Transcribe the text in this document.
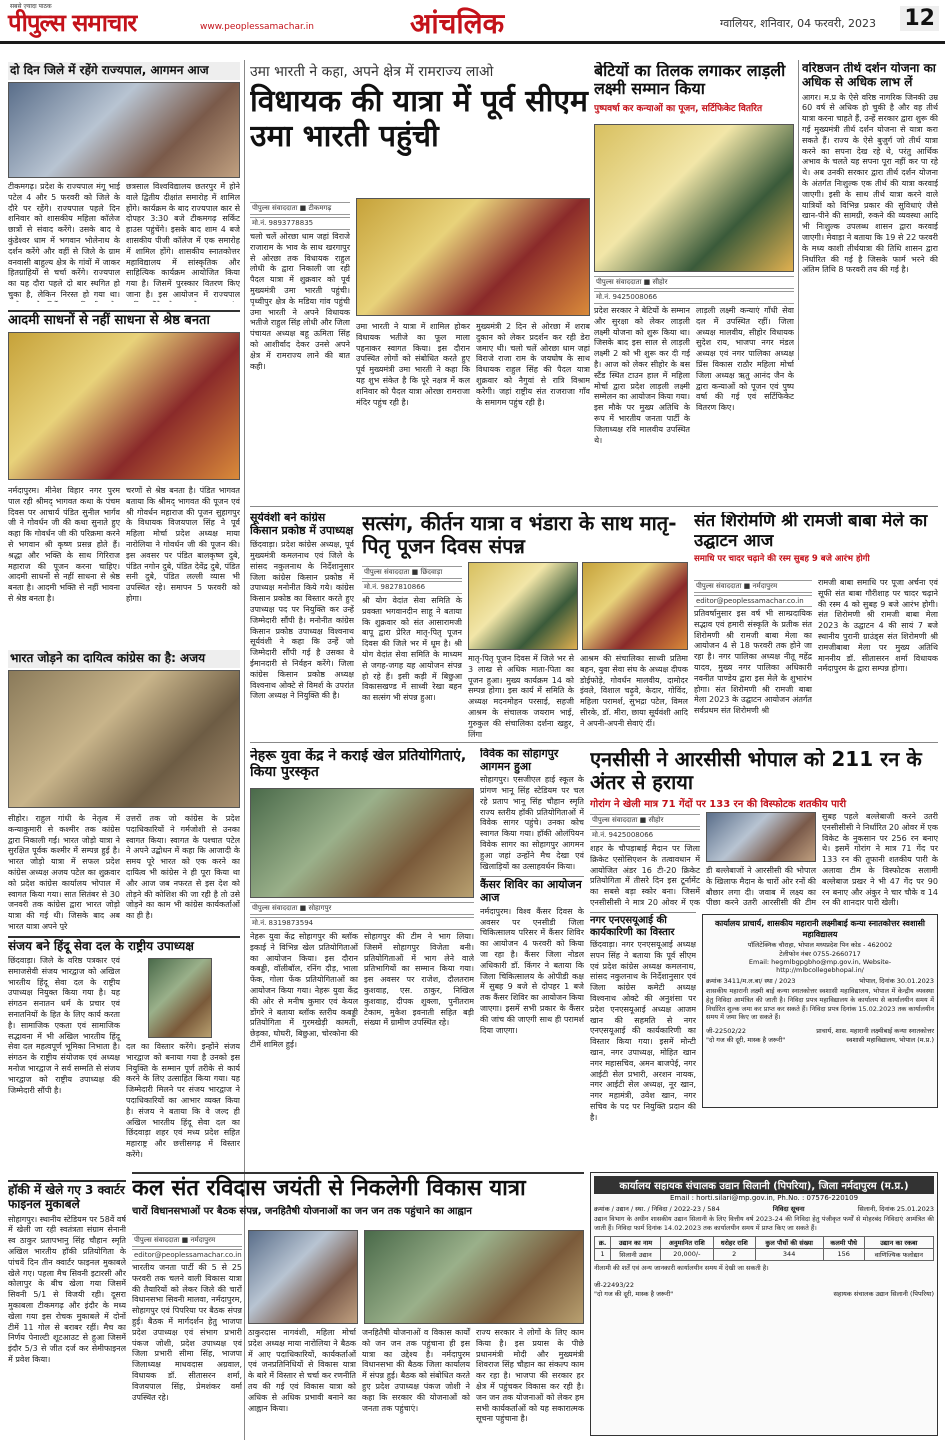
सबसे ज़्यादा पाठक
पीपुल्स समाचार	www.peoplessamachar.in	आंचलिक	ग्वालियर, शनिवार, 04 फरवरी, 2023 12
दो दिन जिले में रहेंगे राज्यपाल, आगमन आज
टीकमगढ़। प्रदेश के राज्यपाल मंगू भाई पटेल 4 और 5 फरवरी को जिले के दौरे पर रहेंगे। राज्यपाल पहले दिन शनिवार को शासकीय महिला कॉलेज छात्रों से संवाद करेंगे। उसके बाद वे कुंडेश्वर धाम में भगवान भोलेनाथ के दर्शन करेंगे और वहीं से जिले के ग्राम वनवासी बाहुल्य क्षेत्र के गांवों में जाकर हितग्राहियों से चर्चा करेंगे। राज्यपाल का यह दौरा पहले दो बार स्थगित हो चुका है, लेकिन निरस्त हो गया था।
छत्रसाल विश्वविद्यालय छतरपुर में होने वाले द्वितीय दीक्षांत समारोह में शामिल होंगे। कार्यक्रम के बाद राज्यपाल कार से दोपहर 3:30 बजे टीकमगढ़ सर्किट हाउस पहुंचेंगे। इसके बाद शाम 4 बजे शासकीय पीजी कॉलेज में एक समारोह में शामिल होंगे। शासकीय स्नातकोत्तर महाविद्यालय में सांस्कृतिक और साहित्यिक कार्यक्रम आयोजित किया गया है। जिसमें पुरस्कार वितरण किए जाना है। इस आयोजन में राज्यपाल
आदमी साधनों से नहीं साधना से श्रेष्ठ बनता
नर्मदापुरम। मीनेश विहार नगर पुरम पाल रही श्रीमद् भागवत कथा के पंचम दिवस पर आचार्य पंडित सुनील भार्गव जी ने गोवर्धन जी की कथा सुनाते हुए कहा कि गोवर्धन जी की परिक्रमा करने से भगवान श्री कृष्ण प्रसन्न होते हैं। श्रद्धा और भक्ति के साथ गिरिराज महाराज की पूजन करना चाहिए। आदमी साधनों से नहीं साधना से श्रेष्ठ बनता है। आदमी भक्ति से नहीं भावना से श्रेष्ठ बनता है।
चरणों से श्रेष्ठ बनता है। पंडित भागवत बताया कि श्रीमद् भागवत की पूजन एवं श्री गोवर्धन महाराज की पूजन सुहागपुर के विधायक विजयपाल सिंह ने पूर्व महिला मोर्चा प्रदेश अध्यक्ष माया नारोलिया ने गोवर्धन जी की पूजन की। इस अवसर पर पंडित बालकृष्ण दुबे, पंडित नगोन दुबे, पंडित देवेंद्र दुबे, पंडित सनी दुबे, पंडित लल्ली व्यास भी उपस्थित रहे। समापन 5 फरवरी को होगा।
भारत जोड़ने का दायित्व कांग्रेस का है: अजय
सीहोर। राहुल गांधी के नेतृत्व में कन्याकुमारी से कश्मीर तक कांग्रेस द्वारा निकाली गई। भारत जोड़ो यात्रा ने सुरक्षित पूर्वक कश्मीर में सम्पन्न हुई है। भारत जोड़ो यात्रा में सफल प्रदेश कांग्रेस अध्यक्ष अजय पटेल का शुक्रवार को प्रदेश कांग्रेस कार्यालय भोपाल में स्वागत किया गया। सात सितंबर से 30 जनवरी तक कांग्रेस द्वारा भारत जोड़ो यात्रा की गई थी। जिसके बाद अब भारत यात्रा अपने पूरे
उत्तरों तक जो कांग्रेस के प्रदेश पदाधिकारियों ने गर्मजोशी से उनका स्वागत किया। स्वागत के पश्चात पटेल ने अपने उद्बोधन में कहा कि आजादी के समय पूरे भारत को एक करने का दायित्व भी कांग्रेस ने ही पूरा किया था और आज जब नफरत से इस देश को तोड़ने की कोशिश की जा रही है तो उसे जोड़ने का काम भी कांग्रेस कार्यकर्ताओं का ही है।
संजय बने हिंदू सेवा दल के राष्ट्रीय उपाध्यक्ष
छिंदवाड़ा। जिले के वरिष्ठ पत्रकार एवं समाजसेवी संजय भारद्वाज को अखिल भारतीय हिंदू सेवा दल के राष्ट्रीय उपाध्यक्ष नियुक्त किया गया है। यह संगठन सनातन धर्म के प्रचार एवं सनातनियों के हित के लिए कार्य करता है। सामाजिक एकता एवं सामाजिक सद्भावना में भी अखिल भारतीय हिंदू सेवा दल महत्वपूर्ण भूमिका निभाता है। संगठन के राष्ट्रीय संयोजक एवं अध्यक्ष मनोज भारद्वाज ने सर्व सम्मति से संजय भारद्वाज को राष्ट्रीय उपाध्यक्ष की जिम्मेदारी सौंपी है।
दल का विस्तार करेंगे। इन्होंने संजय भारद्वाज को बनाया गया है उनको इस नियुक्ति के सम्मान पूर्ण तरीके से कार्य करने के लिए उत्साहित किया गया। यह जिम्मेदारी मिलने पर संजय भारद्वाज ने पदाधिकारियों का आभार व्यक्त किया है। संजय ने बताया कि वे जल्द ही अखिल भारतीय हिंदू सेवा दल का छिंदवाड़ा शहर एवं मध्य प्रदेश सहित महाराष्ट्र और छत्तीसगढ़ में विस्तार करेंगे।
हॉकी में खेले गए 3 क्वार्टर फाइनल मुकाबले
सोहागपुर। स्थानीय स्टेडियम पर 58वें वर्ष में खेली जा रही स्वतंत्रता संग्राम सेनानी स्व ठाकुर प्रतापभानु सिंह चौहान स्मृति अखिल भारतीय हॉकी प्रतियोगिता के पांचवें दिन तीन क्वार्टर फाइनल मुकाबले खेले गए। पहला मैच सिवनी इटारसी और कोलापुर के बीच खेला गया जिसमें सिवनी 5/1 से विजयी रही। दूसरा मुकाबला टीकमगढ़ और इंदौर के मध्य खेला गया इस रोचक मुकाबले में दोनों टीमें 11 गोल से बराबर रहीं। मैच का निर्णय पेनाल्टी शूटआउट से हुआ जिसमें इंदौर 5/3 से जीत दर्ज कर सेमीफाइनल में प्रवेश किया।
उमा भारती ने कहा, अपने क्षेत्र में रामराज्य लाओ
विधायक की यात्रा में पूर्व सीएम उमा भारती पहुंची
पीपुल्स संवाददाता ■ टीकमगढ़
मो.नं. 9893778835
चलो चलें ओरछा धाम जहां विराजे राजाराम के भाव के साथ खरगापुर से ओरछा तक विधायक राहुल लोधी के द्वारा निकाली जा रही पैदल यात्रा में शुक्रवार को पूर्व मुख्यमंत्री उमा भारती पहुंची। पृथ्वीपुर क्षेत्र के मडिया गांव पहुंची उमा भारती ने अपने विधायक भतीजे राहुल सिंह लोधी और जिला पंचायत अध्यक्ष बहू ऊमिता सिंह को आशीर्वाद देकर उनसे अपने क्षेत्र में रामराज्य लाने की बात कही।
उमा भारती ने यात्रा में शामिल होकर विधायक भतीजे का फूल माला पहनाकर स्वागत किया। इस दौरान उपस्थित लोगों को संबोधित करते हुए पूर्व मुख्यमंत्री उमा भारती ने कहा कि यह शुभ संकेत है कि पूरे नक्षत्र में कल शनिवार को पैदल यात्रा ओरछा रामराजा मंदिर पहुंच रही है।
मुख्यमंत्री 2 दिन से ओरछा में शराब दुकान को लेकर प्रदर्शन कर रही डेरा जमाए थी। चलो चलें ओरछा धाम जहां विराजे राजा राम के जयघोष के साथ विधायक राहुल सिंह की पैदल यात्रा शुक्रवार को नैगुवां से रात्रि विश्राम करेगी। जहां राष्ट्रीय संत राजराजा गाँव के समागम पहुंच रही है।
बेटियों का तिलक लगाकर लाड़ली लक्ष्मी सम्मान किया
पुष्पवर्षा कर कन्याओं का पूजन, सर्टिफिकेट वितरित
पीपुल्स संवाददाता ■ सीहोर
मो.नं. 9425008066
प्रदेश सरकार ने बेटियों के सम्मान और सुरक्षा को लेकर लाड़ली लक्ष्मी योजना को शुरू किया था। जिसके बाद इस साल से लाड़ली लक्ष्मी 2 को भी शुरू कर दी गई है। आज को लेकर सीहोर के बस स्टैंड स्थित टाउन हाल में महिला मोर्चा द्वारा प्रदेश लाड़ली लक्ष्मी सम्मेलन का आयोजन किया गया। इस मौके पर मुख्य अतिथि के रूप में भारतीय जनता पार्टी के जिलाध्यक्ष रवि मालवीय उपस्थित थे।
लाड़ली लक्ष्मी कन्याएं गाँधी सेवा दल में उपस्थित रहीं। जिला अध्यक्ष मालवीय, सीहोर विधायक सुदेश राय, भाजपा नगर मंडल अध्यक्ष एवं नगर पालिका अध्यक्ष प्रिंस विकास राठौर महिला मोर्चा जिला अध्यक्ष ऋतु आनंद जैन के द्वारा कन्याओं को पूजन एवं पुष्प वर्षा की गई एवं सर्टिफिकेट वितरण किए।
वरिष्ठजन तीर्थ दर्शन योजना का अधिक से अधिक लाभ लें
आगर। म.प्र के ऐसे वरिष्ठ नागरिक जिनकी उम्र 60 वर्ष से अधिक हो चुकी है और वह तीर्थ यात्रा करना चाहते हैं, उन्हें सरकार द्वारा शुरू की गई मुख्यमंत्री तीर्थ दर्शन योजना से यात्रा करा सकते हैं। राज्य के ऐसे बुजुर्ग जो तीर्थ यात्रा करने का सपना देख रहे थे, परंतु आर्थिक अभाव के चलते यह सपना पूरा नहीं कर पा रहे थे। अब उनकी सरकार द्वारा तीर्थ दर्शन योजना के अंतर्गत निःशुल्क एक तीर्थ की यात्रा करवाई जाएगी। इसी के साथ तीर्थ यात्रा करने वाले यात्रियों को विभिन्न प्रकार की सुविधाएं जैसे खान-पीने की सामग्री, रुकने की व्यवस्था आदि भी निःशुल्क उपलब्ध शासन द्वारा करवाई जाएगी। मेवाड़ा ने बताया कि 19 से 22 फरवरी के मध्य काशी तीर्थयात्रा की तिथि शासन द्वारा निर्धारित की गई है जिसके फार्म भरने की अंतिम तिथि 8 फरवरी तय की गई है।
सूर्यवंशी बने कांग्रेस किसान प्रकोष्ठ में उपाध्यक्ष
छिंदवाड़ा। प्रदेश कांग्रेस अध्यक्ष, पूर्व मुख्यमंत्री कमलनाथ एवं जिले के सांसद नकुलनाथ के निर्देशानुसार जिला कांग्रेस किसान प्रकोष्ठ में उपाध्यक्ष मनोनीत किये गये। कांग्रेस किसान प्रकोष्ठ का विस्तार करते हुए उपाध्यक्ष पद पर नियुक्ति कर उन्हें जिम्मेदारी सौंपी है। मनोनीत कांग्रेस किसान प्रकोष्ठ उपाध्यक्ष विश्वनाथ सूर्यवंशी ने कहा कि उन्हें जो जिम्मेदारी सौंपी गई है उसका वे ईमानदारी से निर्वहन करेंगे। जिला कांग्रेस किसान प्रकोष्ठ अध्यक्ष विश्वनाथ ओक्टे से विमर्श के उपरांत जिला अध्यक्ष ने नियुक्ति की है।
सत्संग, कीर्तन यात्रा व भंडारा के साथ मातृ-पितृ पूजन दिवस संपन्न
पीपुल्स संवाददाता ■ छिंदवाड़ा
मो.नं. 9827810866
श्री योग वेदांत सेवा समिति के प्रवक्ता भगवानदीन साहू ने बताया कि शुक्रवार को संत आसारामजी बापू द्वारा प्रेरित मातृ-पितृ पूजन दिवस की जिले भर में धूम है। श्री योग वेदांत सेवा समिति के माध्यम से जगह-जगह यह आयोजन संपन्न हो रहे हैं। इसी कड़ी में बिछुआ विकासखण्ड में साध्वी रेखा बहन का सत्संग भी संपन्न हुआ।
मातृ-पितृ पूजन दिवस में जिले भर से 3 लाख से अधिक माता-पिता का पूजन हुआ। मुख्य कार्यक्रम 14 को सम्पन्न होगा। इस कार्य में समिति के अध्यक्ष मदनमोहन परसाई, सहजी आश्रम के संचालक जयराम भाई, गुरुकुल की संचालिका दर्शना खहुर, लिंगा
आश्रम की संचालिका साध्वी प्रतिमा बहन, युवा सेवा संघ के अध्यक्ष दीपक डोईफोड़े, गोवर्धन मालवीय, दामोदर इंवले, विशाल चढ़ुवे, केदार, गोविंद, महिला परामर्श, सुभद्रा पटेल, विमल सीरके, डॉ. मीरा, छाया सूर्यवंशी आदि ने अपनी-अपनी सेवाएं दीं।
संत शिरोमणि श्री रामजी बाबा मेले का उद्घाटन आज
समाधि पर चादर चढ़ाने की रस्म सुबह 9 बजे आरंभ होगी
पीपुल्स संवाददाता ■ नर्मदापुरम
editor@peoplessamachar.co.in
प्रतिवर्षानुसार इस वर्ष भी साम्प्रदायिक सद्भाव एवं हमारी संस्कृति के प्रतीक संत शिरोमणी श्री रामजी बाबा मेला का आयोजन 4 से 18 फरवरी तक होने जा रहा है। नगर पालिका अध्यक्ष नीतू महेंद्र यादव, मुख्य नगर पालिका अधिकारी नवनीत पाण्डेय द्वारा इस मेले के शुभारंभ होगा। संत शिरोमणी श्री रामजी बाबा मेला 2023 के उद्घाटन आयोजन अंतर्गत सर्वप्रथम संत शिरोमणी श्री
रामजी बाबा समाधि पर पूजा अर्चना एवं सूफी संत बाबा गौरीशाह पर चादर चढ़ाने की रस्म 4 को सुबह 9 बजे आरंभ होगी। संत शिरोमणी श्री रामजी बाबा मेला 2023 के उद्घाटन 4 की सायं 7 बजे स्थानीय पुरानी ग्राउंड्स संत शिरोमणी श्री रामजीबाबा मेला पर मुख्य अतिथि माननीय डॉ. सीतासरन शर्मा विधायक नर्मदापुरम के द्वारा सम्पन्न होगा।
नेहरू युवा केंद्र ने कराई खेल प्रतियोगिताएं, किया पुरस्कृत
पीपुल्स संवाददाता ■ सोहागपुर
मो.नं. 8319873594
नेहरू युवा केंद्र सोहागपुर की ब्लॉक इकाई ने विभिन्न खेल प्रतियोगिताओं का आयोजन किया। इस दौरान कबड्डी, वॉलीबॉल, रनिंग दौड़, भाला फेंक, गोला फेंक प्रतियोगिताओं का आयोजन किया गया। नेहरू युवा केंद्र की ओर से मनीष कुमार एवं केयल डोंगरे ने बताया ब्लॉक स्तरीय कबड्डी प्रतियोगिता में गुरमखेड़ी कामती, छेड़का, घोघरी, बिछुआ, चोरकोना की टीमें शामिल हुई।
सोहागपुर की टीम ने भाग लिया। जिसमें सोहागपुर विजेता बनी। प्रतियोगिताओं में भाग लेने वाले प्रतिभागियों का सम्मान किया गया। इस अवसर पर राजेश, दौलतराम कुशवाह, एस. ठाकुर, निखिल कुशवाह, दीपक शुक्ला, पुनीतराम टेकाम, मुकेश इवनाती सहित बड़ी संख्या में ग्रामीण उपस्थित रहे।
विवेक का सोहागपुर आगमन हुआ
सोहागपुर। एसजीएल हाई स्कूल के प्रांगण भानू सिंह स्टेडियम पर चल रहे प्रताप भानू सिंह चौहान स्मृति राज्य स्तरीय हॉकी प्रतियोगिताओं में विवेक सागर पहुंचे। उनका कोच स्वागत किया गया। हॉकी ओलंपियन विवेक सागर का सोहागपुर आगमन हुआ जहां उन्होंने मैच देखा एवं खिलाड़ियों का उत्साहवर्धन किया।
कैंसर शिविर का आयोजन आज
नर्मदापुरम। विश्व कैंसर दिवस के अवसर पर एनसीडी जिला चिकित्सालय परिसर में कैंसर शिविर का आयोजन 4 फरवरी को किया जा रहा है। कैंसर जिला नोडल अधिकारी डॉ. किंगर ने बताया कि जिला चिकित्सालय के ओपीडी कक्ष में सुबह 9 बजे से दोपहर 1 बजे तक कैंसर शिविर का आयोजन किया जाएगा। इसमें सभी प्रकार के कैंसर की जांच की जाएगी साथ ही परामर्श दिया जाएगा।
एनसीसी ने आरसीसी भोपाल को 211 रन के अंतर से हराया
गोरांग ने खेली मात्र 71 गेंदों पर 133 रन की विस्फोटक शतकीय पारी
पीपुल्स संवाददाता ■ सीहोर
मो.नं. 9425008066
शहर के चौपड़ाबाई मैदान पर जिला क्रिकेट एसोसिएशन के तत्वावधान में आयोजित अंडर 16 टी-20 क्रिकेट प्रतियोगिता में तीसरे दिन इस टूर्नामेंट का सबसे बड़ा स्कोर बना। जिसमें एनसीसीसी ने मात्र 20 ओवर में एक
डी बल्लेबाजों ने आरसीसी की भोपाल के खिलाफ मैदान के चारों ओर रनों की बौछार लगा दी। जवाब में लक्ष्य का पीछा करने उतरी आरसीसी की टीम
सुबह पहले बल्लेबाजी करने उतरी एनसीसीसी ने निर्धारित 20 ओवर में एक विकेट के नुकसान पर 256 रन बनाए थे। इसमें गोरांग ने मात्र 71 गेंद पर 133 रन की तूफानी शतकीय पारी के अलावा टीम के विस्फोटक सलामी बल्लेबाज प्रखर ने भी 47 गेंद पर 90 रन बनाए और अंकुर ने चार चौके व 14 रन की शानदार पारी खेली।
नगर एनएसयूआई की कार्यकारिणी का विस्तार
छिंदवाड़ा। नगर एनएसयूआई अध्यक्ष सपन सिंह ने बताया कि पूर्व सीएम एवं प्रदेश कांग्रेस अध्यक्ष कमलनाथ, सांसद नकुलनाथ के निर्देशानुसार एवं जिला कांग्रेस कमेटी अध्यक्ष विश्वनाथ ओक्टे की अनुशंसा पर प्रदेश एनएसयूआई अध्यक्ष आजम खान की सहमति से नगर एनएसयूआई की कार्यकारिणी का विस्तार किया गया। इसमें मोन्टी खान, नगर उपाध्यक्ष, मोहित खान नगर महासचिव, अमन बाजपेई, नगर आईटी सेल प्रभारी, अरशन नायक, नगर आईटी सेल अध्यक्ष, नूर खान, नगर महामंत्री, उवेश खान, नगर सचिव के पद पर नियुक्ति प्रदान की है।
कार्यालय प्राचार्य, शासकीय महारानी लक्ष्मीबाई कन्या स्नातकोत्तर स्वशासी महाविद्यालय
पॉलिटेक्निक चौराहा, भोपाल मध्यप्रदेश पिन कोड - 462002
टेलीफोन नंबर 0755-2660717
Email: hegmlbgpgbho@mp.gov.in, Website- http://mlbcollegebhopal.in/
क्रमांक 3411/म.ल.बा/ स्था / 2023	भोपाल, दिनांक 30.01.2023
शासकीय महारानी लक्ष्मी बाई कन्या स्नातकोत्तर स्वशासी महाविद्यालय, भोपाल में केन्द्रीय व्यवस्था हेतु निविदा आमंत्रित की जाती है। निविदा प्रपत्र महाविद्यालय के कार्यालय से कार्यालयीन समय में निर्धारित शुल्क जमा कर प्राप्त कर सकते हैं। निविदा प्रपत्र दिनांक 15.02.2023 तक कार्यालयीन समय में जमा किए जा सकते हैं।
जी-22502/22
"दो गज की दूरी, मास्क है जरूरी"
प्राचार्य, शास. महारानी लक्ष्मीबाई कन्या स्नातकोत्तर स्वशासी महाविद्यालय, भोपाल (म.प्र.)
कार्यालय सहायक संचालक उद्यान सिलानी (पिपरिया), जिला नर्मदापुरम (म.प्र.)
Email : horti.silari@mp.gov.in, Ph.No. : 07576-220109
क्रमांक / उद्यान / स्था. / निविदा / 2022-23 / 584	निविदा सूचना	सिलानी, दिनांक 25.01.2023
उद्यान विभाग के अधीन शासकीय उद्यान सिलानी के लिए वित्तीय वर्ष 2023-24 की निविदा हेतु पंजीकृत फर्मों से मोहरबंद निविदाएं आमंत्रित की जाती हैं। निविदा फार्म दिनांक 14.02.2023 तक कार्यालयीन समय में प्राप्त किए जा सकते हैं।
क्र.	उद्यान का नाम	अनुमानित राशि	धरोहर राशि	कुल पौधों की संख्या	कलमी पौधे	उद्यान का रकबा
1	सिलानी उद्यान	20,000/-	2	344	156	वाणिज्यिक फलोद्यान
नीलामी की शर्तें एवं अन्य जानकारी कार्यालयीन समय में देखी जा सकती है।
जी-22493/22
"दो गज की दूरी, मास्क है जरूरी"	सहायक संचालक उद्यान सिलानी (पिपरिया)
कल संत रविदास जयंती से निकलेगी विकास यात्रा
चारों विधानसभाओं पर बैठक संपन्न, जनहितैषी योजनाओं का जन जन तक पहुंचाने का आह्वान
पीपुल्स संवाददाता ■ नर्मदापुरम
editor@peoplessamachar.co.in
भारतीय जनता पार्टी की 5 से 25 फरवरी तक चलने वाली विकास यात्रा की तैयारियों को लेकर जिले की चारों विधानसभा सिवनी मालवा, नर्मदापुरम, सोहागपुर एवं पिपरिया पर बैठक संपन्न हुई। बैठक में मार्गदर्शन हेतु भाजपा प्रदेश उपाध्यक्ष एवं संभाग प्रभारी पंकज जोशी, प्रदेश उपाध्यक्ष एवं जिला प्रभारी सीमा सिंह, भाजपा जिलाध्यक्ष माधवदास अग्रवाल, विधायक डॉ. सीतासरन शर्मा, विजयपाल सिंह, प्रेमशंकर वर्मा उपस्थित रहे।
ठाकुरदास नागवंशी, महिला मोर्चा प्रदेश अध्यक्ष माया नारोलिया ने बैठक में आए पदाधिकारियों, कार्यकर्ताओं एवं जनप्रतिनिधियों से विकास यात्रा के बारे में विस्तार से चर्चा कर रणनीति तय की गई एवं विकास यात्रा को अधिक से अधिक प्रभावी बनाने का आह्वान किया।
जनहितैषी योजनाओं व विकास कार्यों को जन जन तक पहुंचाना ही इस यात्रा का उद्देश्य है। नर्मदापुरम विधानसभा की बैठक जिला कार्यालय में संपन्न हुई। बैठक को संबोधित करते हुए प्रदेश उपाध्यक्ष पंकज जोशी ने कहा कि सरकार की योजनाओं को जनता तक पहुंचाएं।
राज्य सरकार ने लोगों के लिए काम किया है। इस प्रयास के पीछे प्रधानमंत्री मोदी और मुख्यमंत्री शिवराज सिंह चौहान का संकल्प काम कर रहा है। भाजपा की सरकार हर क्षेत्र में पहुंचकर विकास कर रही है। जन जन तक योजनाओं को लेकर हम सभी कार्यकर्ताओं को यह सकारात्मक सूचना पहुंचाना है।
